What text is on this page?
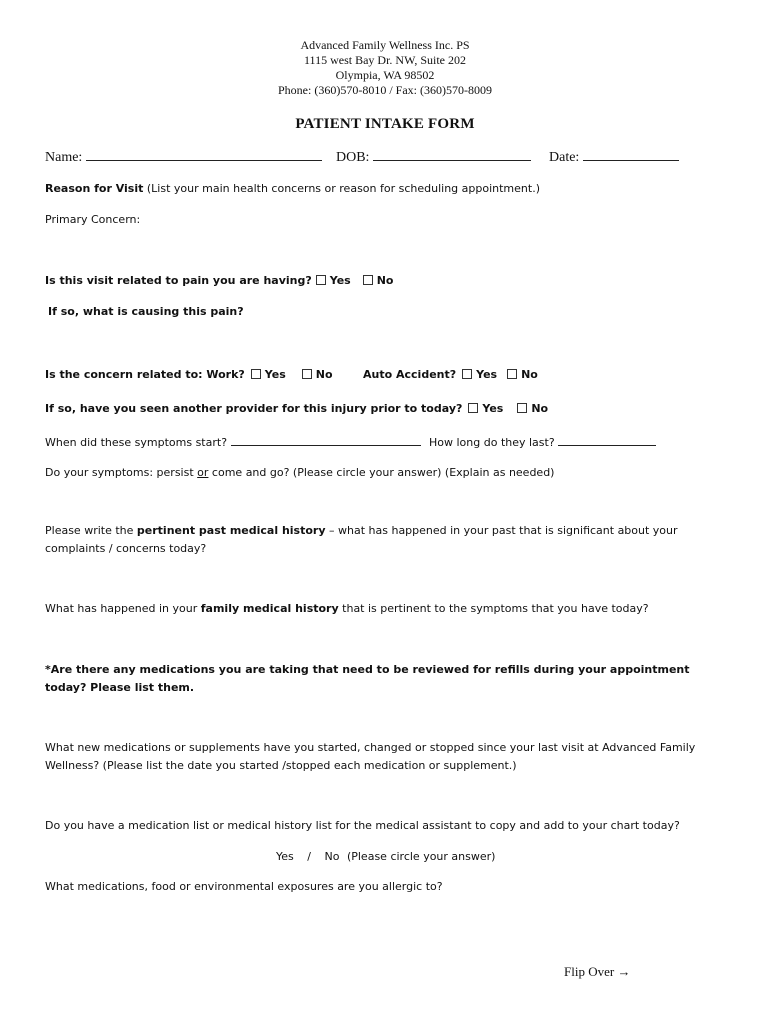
Advanced Family Wellness Inc. PS
1115 west Bay Dr. NW, Suite 202
Olympia, WA 98502
Phone: (360)570-8010 / Fax: (360)570-8009
PATIENT INTAKE FORM
Name:	DOB:	Date:
Reason for Visit (List your main health concerns or reason for scheduling appointment.)
Primary Concern:
Is this visit related to pain you are having? Yes No
If so, what is causing this pain?
Is the concern related to: Work? Yes	No	Auto Accident? Yes No
If so, have you seen another provider for this injury prior to today? Yes	No
When did these symptoms start?	How long do they last?
Do your symptoms: persist or come and go? (Please circle your answer) (Explain as needed)
Please write the pertinent past medical history – what has happened in your past that is significant about your complaints / concerns today?
What has happened in your family medical history that is pertinent to the symptoms that you have today?
*Are there any medications you are taking that need to be reviewed for refills during your appointment today? Please list them.
What new medications or supplements have you started, changed or stopped since your last visit at Advanced Family Wellness? (Please list the date you started /stopped each medication or supplement.)
Do you have a medication list or medical history list for the medical assistant to copy and add to your chart today?
Yes / No (Please circle your answer)
What medications, food or environmental exposures are you allergic to?
Flip Over →
